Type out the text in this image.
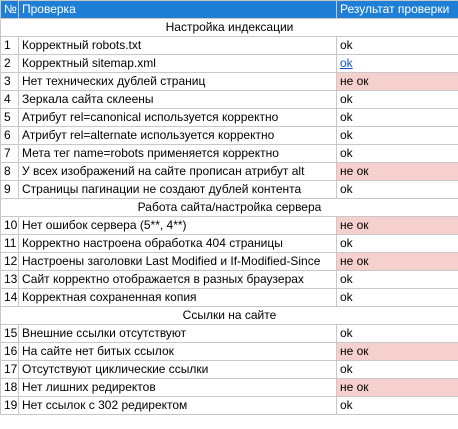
№	Проверка	Результат проверки
Настройка индексации		
1	Корректный robots.txt	ok
2	Корректный sitemap.xml	ok
3	Нет технических дублей страниц	не ок
4	Зеркала сайта склеены	ok
5	Атрибут rel=canonical используется корректно	ok
6	Атрибут rel=alternate используется корректно	ok
7	Мета тег name=robots применяется корректно	ok
8	У всех изображений на сайте прописан атрибут alt	не ок
9	Страницы пагинации не создают дублей контента	ok
Работа сайта/настройка сервера		
10	Нет ошибок сервера (5**, 4**)	не ок
11	Корректно настроена обработка 404 страницы	ok
12	Настроены заголовки Last Modified и If-Modified-Since	не ок
13	Сайт корректно отображается в разных браузерах	ok
14	Корректная сохраненная копия	ok
Ссылки на сайте		
15	Внешние ссылки отсутствуют	ok
16	На сайте нет битых ссылок	не ок
17	Отсутствуют циклические ссылки	ok
18	Нет лишних редиректов	не ок
19	Нет ссылок с 302 редиректом	ok
